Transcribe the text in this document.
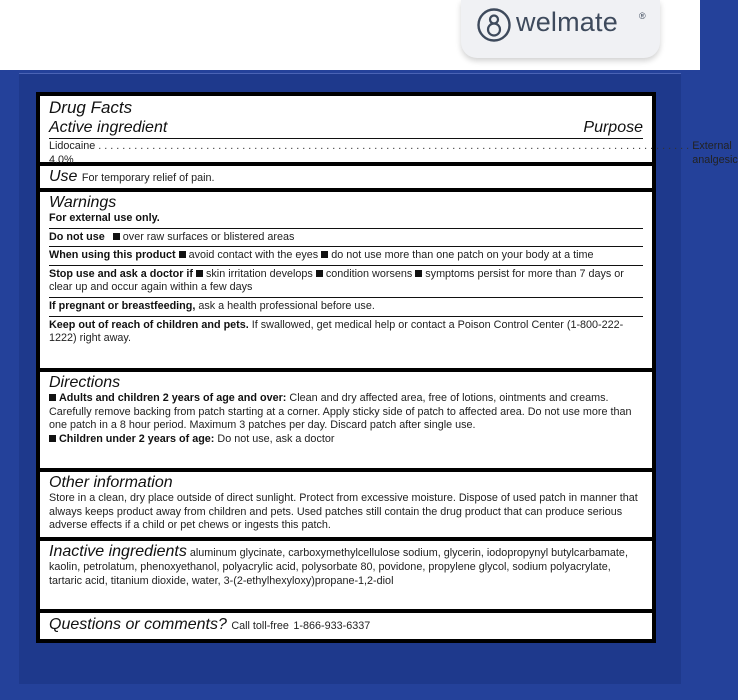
welmate ®
Drug Facts
Active ingredient	Purpose
Lidocaine 4.0%
. . . . . . . . . . . . . . . . . . . . . . . . . . . . . . . . . . . . . . . . . . . . . . . . . . . . . . . . . . . . . . . . . . . . . . . . . . . . . . . . . . . . . . . . . . . . . . . . . . . External analgesic
Use For temporary relief of pain.
Warnings
For external use only.
Do not use over raw surfaces or blistered areas
When using this product avoid contact with the eyes do not use more than one patch on your body at a time
Stop use and ask a doctor if skin irritation develops condition worsens symptoms persist for more than 7 days or clear up and occur again within a few days
If pregnant or breastfeeding, ask a health professional before use.
Keep out of reach of children and pets. If swallowed, get medical help or contact a Poison Control Center (1-800-222-1222) right away.
Directions
Adults and children 2 years of age and over: Clean and dry affected area, free of lotions, ointments and creams. Carefully remove backing from patch starting at a corner. Apply sticky side of patch to affected area. Do not use more than one patch in a 8 hour period. Maximum 3 patches per day. Discard patch after single use.
Children under 2 years of age: Do not use, ask a doctor
Other information
Store in a clean, dry place outside of direct sunlight. Protect from excessive moisture. Dispose of used patch in manner that always keeps product away from children and pets. Used patches still contain the drug product that can produce serious adverse effects if a child or pet chews or ingests this patch.
Inactive ingredients aluminum glycinate, carboxymethylcellulose sodium, glycerin, iodopropynyl butylcarbamate, kaolin, petrolatum, phenoxyethanol, polyacrylic acid, polysorbate 80, povidone, propylene glycol, sodium polyacrylate, tartaric acid, titanium dioxide, water, 3-(2-ethylhexyloxy)propane-1,2-diol
Questions or comments? Call toll-free 1-866-933-6337
